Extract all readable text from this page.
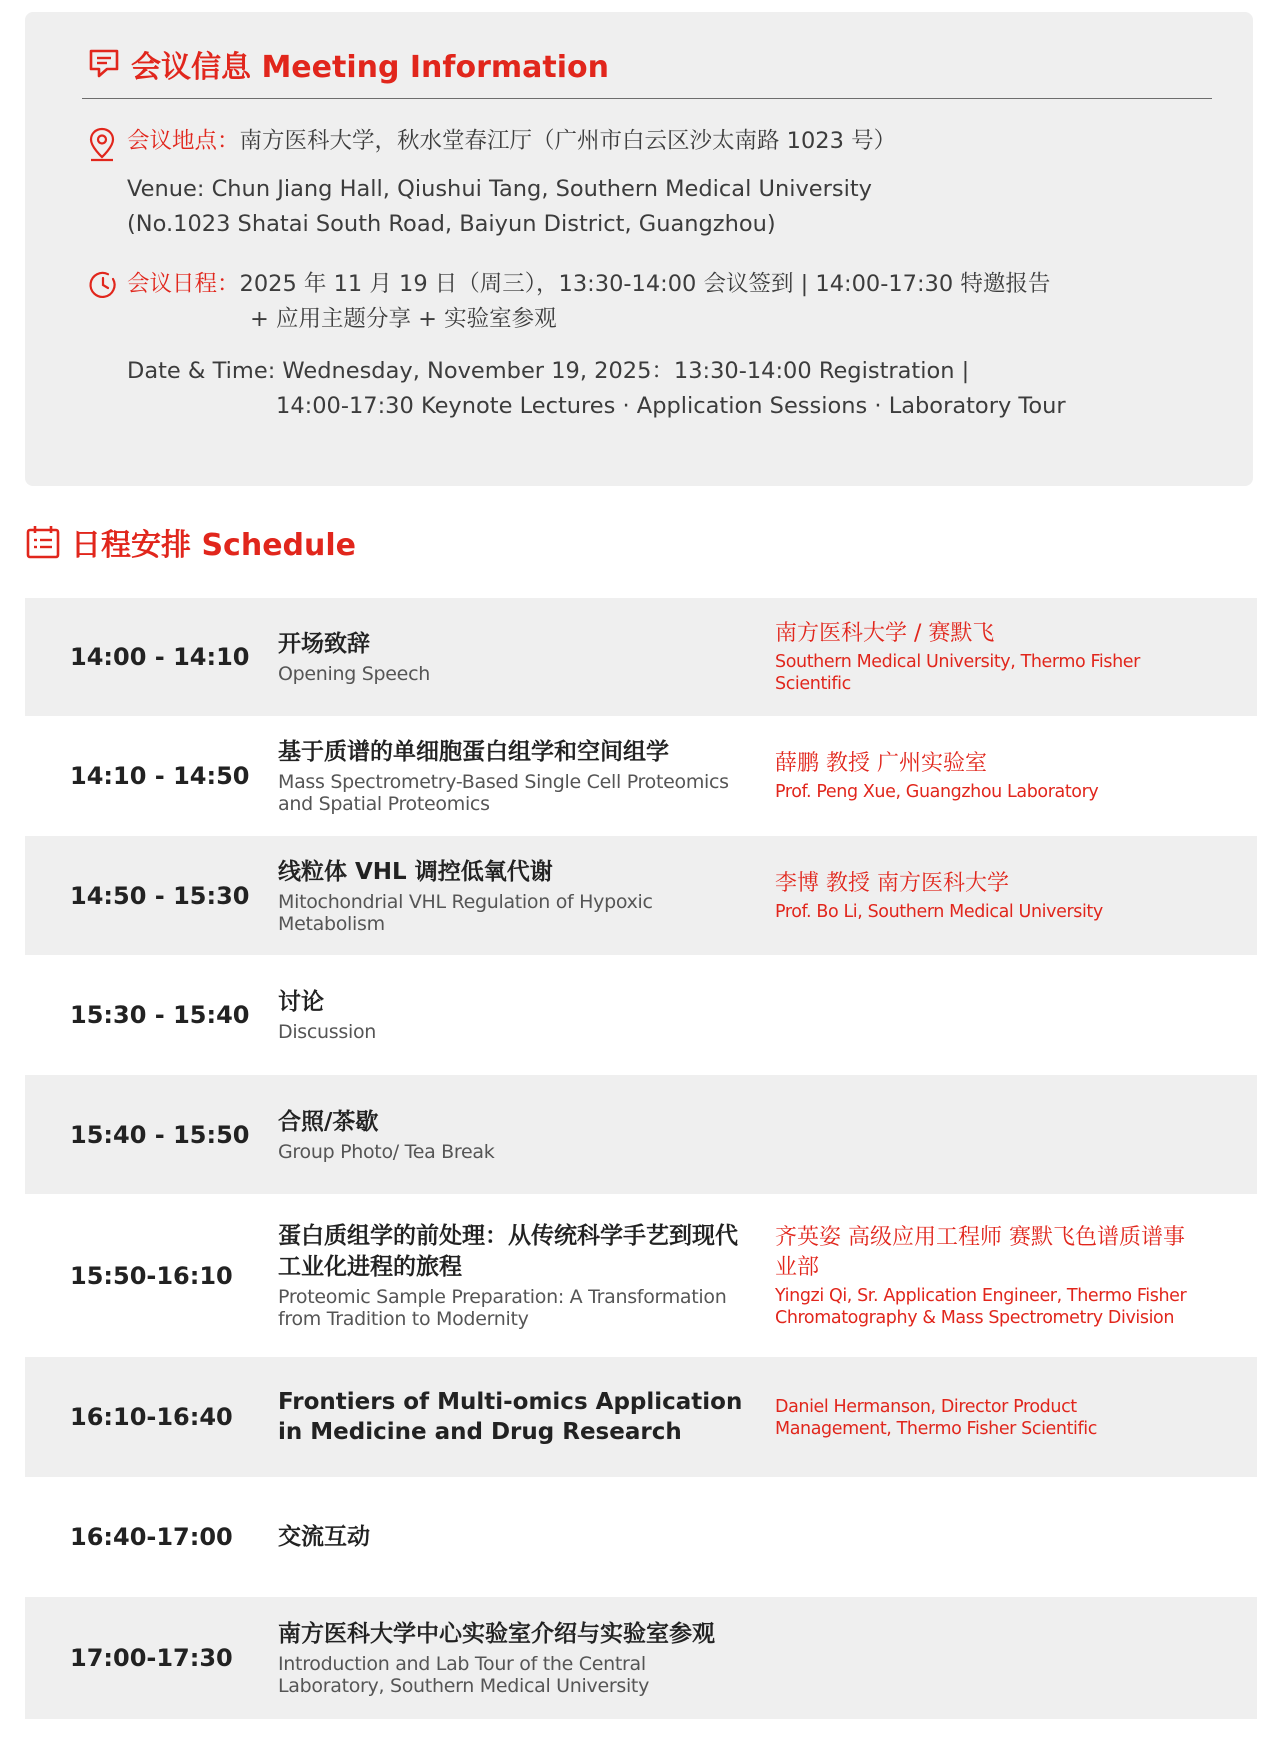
会议信息 Meeting Information
会议地点：南方医科大学，秋水堂春江厅（广州市白云区沙太南路 1023 号）
Venue: Chun Jiang Hall, Qiushui Tang, Southern Medical University
(No.1023 Shatai South Road, Baiyun District, Guangzhou)
会议日程：2025 年 11 月 19 日（周三），13:30-14:00 会议签到 | 14:00-17:30 特邀报告
+ 应用主题分享 + 实验室参观
Date & Time: Wednesday, November 19, 2025：13:30-14:00 Registration |
14:00-17:30 Keynote Lectures · Application Sessions · Laboratory Tour
日程安排 Schedule
14:00 - 14:10 开场致辞
Opening Speech
南方医科大学 / 赛默飞
Southern Medical University, Thermo Fisher Scientific
14:10 - 14:50
基于质谱的单细胞蛋白组学和空间组学
Mass Spectrometry-Based Single Cell Proteomics and Spatial Proteomics
薛鹏 教授 广州实验室
Prof. Peng Xue, Guangzhou Laboratory
14:50 - 15:30
线粒体 VHL 调控低氧代谢
Mitochondrial VHL Regulation of Hypoxic Metabolism
李博 教授 南方医科大学
Prof. Bo Li, Southern Medical University
15:30 - 15:40 讨论
Discussion
15:40 - 15:50 合照/茶歇
Group Photo/ Tea Break
15:50-16:10
蛋白质组学的前处理：从传统科学手艺到现代工业化进程的旅程
Proteomic Sample Preparation: A Transformation from Tradition to Modernity
齐英姿 高级应用工程师 赛默飞色谱质谱事业部
Yingzi Qi, Sr. Application Engineer, Thermo Fisher Chromatography & Mass Spectrometry Division
16:10-16:40
Frontiers of Multi-omics Application in Medicine and Drug Research
Daniel Hermanson, Director Product Management, Thermo Fisher Scientific
16:40-17:00 交流互动
17:00-17:30
南方医科大学中心实验室介绍与实验室参观
Introduction and Lab Tour of the Central Laboratory, Southern Medical University
